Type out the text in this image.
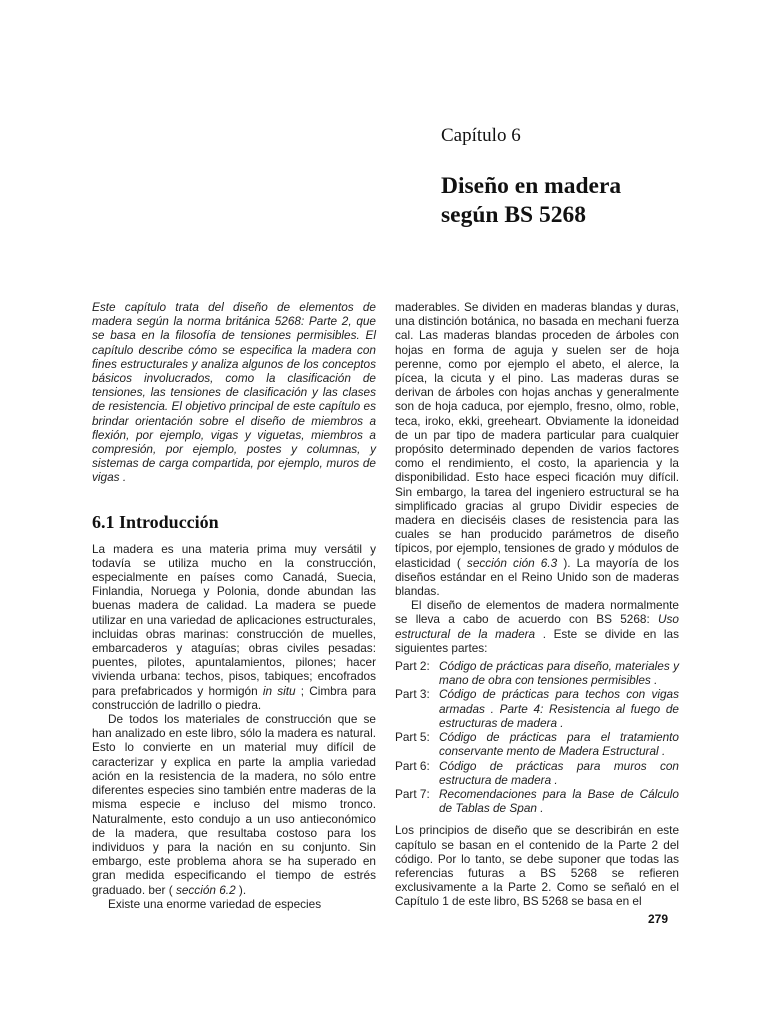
Capítulo 6
Diseño en madera
según BS 5268

Este capítulo trata del diseño de elementos de madera según la norma británica 5268: Parte 2, que se basa en la filosofía de tensiones permisibles. El capítulo describe cómo se especifica la madera con fines estructurales y analiza algunos de los conceptos básicos involucrados, como la clasificación de tensiones, las tensiones de clasificación y las clases de resistencia. El objetivo principal de este capítulo es brindar orientación sobre el diseño de miembros a flexión, por ejemplo, vigas y viguetas, miembros a compresión, por ejemplo, postes y columnas, y sistemas de carga compartida, por ejemplo, muros de vigas .

6.1 Introducción

La madera es una materia prima muy versátil y todavía se utiliza mucho en la construcción, especialmente en países como Canadá, Suecia, Finlandia, Noruega y Polonia, donde abundan las buenas madera de calidad. La madera se puede utilizar en una variedad de aplicaciones estructurales, incluidas obras marinas: construcción de muelles, embarcaderos y ataguías; obras civiles pesadas: puentes, pilotes, apuntalamientos, pilones; hacer vivienda urbana: techos, pisos, tabiques; encofrados para prefabricados y hormigón in situ ; Cimbra para construcción de ladrillo o piedra.

De todos los materiales de construcción que se han analizado en este libro, sólo la madera es natural. Esto lo convierte en un material muy difícil de caracterizar y explica en parte la amplia variedad ación en la resistencia de la madera, no sólo entre diferentes especies sino también entre maderas de la misma especie e incluso del mismo tronco. Naturalmente, esto condujo a un uso antieconómico de la madera, que resultaba costoso para los individuos y para la nación en su conjunto. Sin embargo, este problema ahora se ha superado en gran medida especificando el tiempo de estrés graduado. ber ( sección 6.2 ).

Existe una enorme variedad de especies

maderables. Se dividen en maderas blandas y duras, una distinción botánica, no basada en mechani fuerza cal. Las maderas blandas proceden de árboles con hojas en forma de aguja y suelen ser de hoja perenne, como por ejemplo el abeto, el alerce, la pícea, la cicuta y el pino. Las maderas duras se derivan de árboles con hojas anchas y generalmente son de hoja caduca, por ejemplo, fresno, olmo, roble, teca, iroko, ekki, greeheart. Obviamente la idoneidad de un par tipo de madera particular para cualquier propósito determinado dependen de varios factores como el rendimiento, el costo, la apariencia y la disponibilidad. Esto hace especi ficación muy difícil. Sin embargo, la tarea del ingeniero estructural se ha simplificado gracias al grupo Dividir especies de madera en dieciséis clases de resistencia para las cuales se han producido parámetros de diseño típicos, por ejemplo, tensiones de grado y módulos de elasticidad ( sección ción 6.3 ). La mayoría de los diseños estándar en el Reino Unido son de maderas blandas.

El diseño de elementos de madera normalmente se lleva a cabo de acuerdo con BS 5268: Uso estructural de la madera . Este se divide en las siguientes partes:

Part 2: Código de prácticas para diseño, materiales y mano de obra con tensiones permisibles .
Part 3: Código de prácticas para techos con vigas armadas . Parte 4: Resistencia al fuego de estructuras de madera .
Part 5: Código de prácticas para el tratamiento conservante mento de Madera Estructural .
Part 6: Código de prácticas para muros con estructura de madera .
Part 7: Recomendaciones para la Base de Cálculo de Tablas de Span .

Los principios de diseño que se describirán en este capítulo se basan en el contenido de la Parte 2 del código. Por lo tanto, se debe suponer que todas las referencias futuras a BS 5268 se refieren exclusivamente a la Parte 2. Como se señaló en el Capítulo 1 de este libro, BS 5268 se basa en el

279
